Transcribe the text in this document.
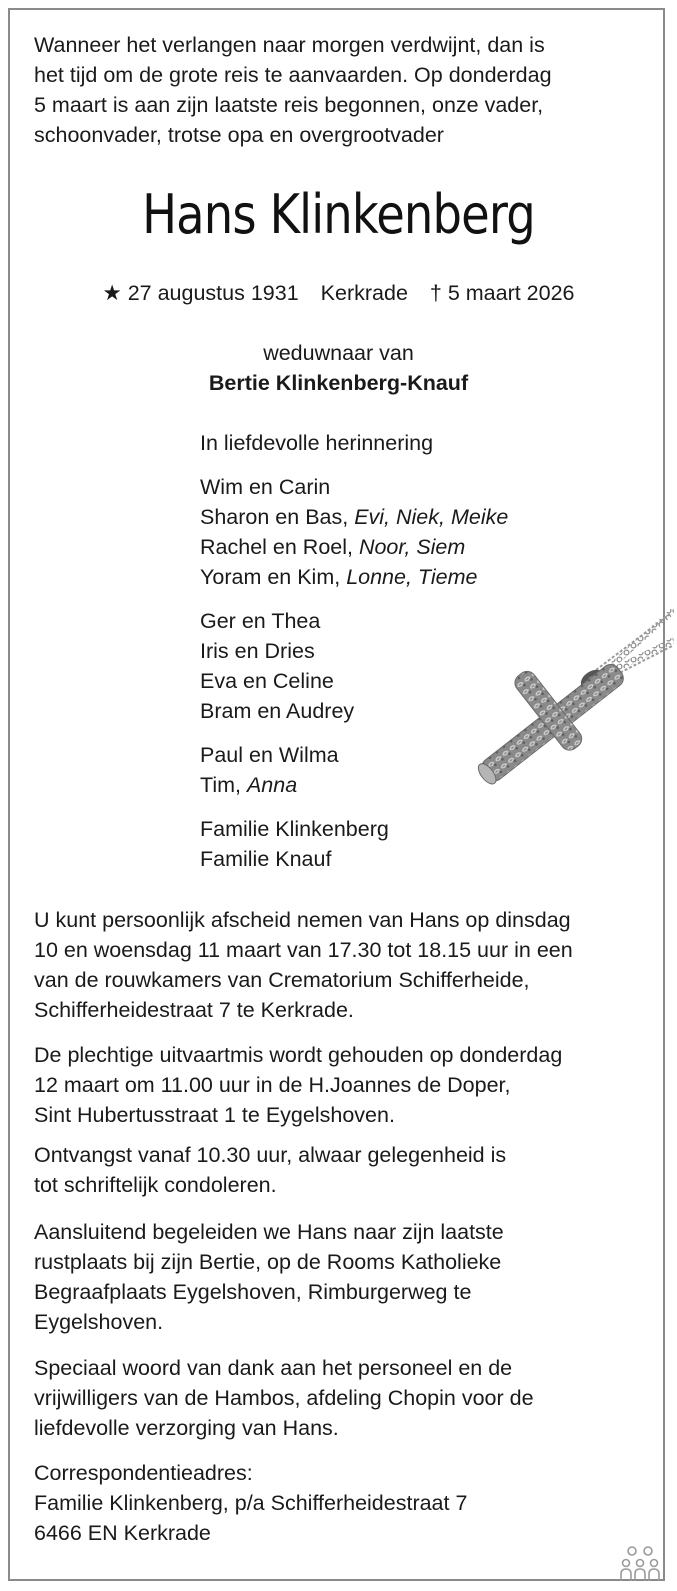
Wanneer het verlangen naar morgen verdwijnt, dan is
het tijd om de grote reis te aanvaarden. Op donderdag
5 maart is aan zijn laatste reis begonnen, onze vader,
schoonvader, trotse opa en overgrootvader
Hans Klinkenberg
★ 27 augustus 1931 Kerkrade † 5 maart 2026
weduwnaar van
Bertie Klinkenberg-Knauf
In liefdevolle herinnering
Wim en Carin
Sharon en Bas, Evi, Niek, Meike
Rachel en Roel, Noor, Siem
Yoram en Kim, Lonne, Tieme
Ger en Thea
Iris en Dries
Eva en Celine
Bram en Audrey
Paul en Wilma
Tim, Anna
Familie Klinkenberg
Familie Knauf
U kunt persoonlijk afscheid nemen van Hans op dinsdag
10 en woensdag 11 maart van 17.30 tot 18.15 uur in een
van de rouwkamers van Crematorium Schifferheide,
Schifferheidestraat 7 te Kerkrade.
De plechtige uitvaartmis wordt gehouden op donderdag
12 maart om 11.00 uur in de H.Joannes de Doper,
Sint Hubertusstraat 1 te Eygelshoven.
Ontvangst vanaf 10.30 uur, alwaar gelegenheid is
tot schriftelijk condoleren.
Aansluitend begeleiden we Hans naar zijn laatste
rustplaats bij zijn Bertie, op de Rooms Katholieke
Begraafplaats Eygelshoven, Rimburgerweg te
Eygelshoven.
Speciaal woord van dank aan het personeel en de
vrijwilligers van de Hambos, afdeling Chopin voor de
liefdevolle verzorging van Hans.
Correspondentieadres:
Familie Klinkenberg, p/a Schifferheidestraat 7
6466 EN Kerkrade
